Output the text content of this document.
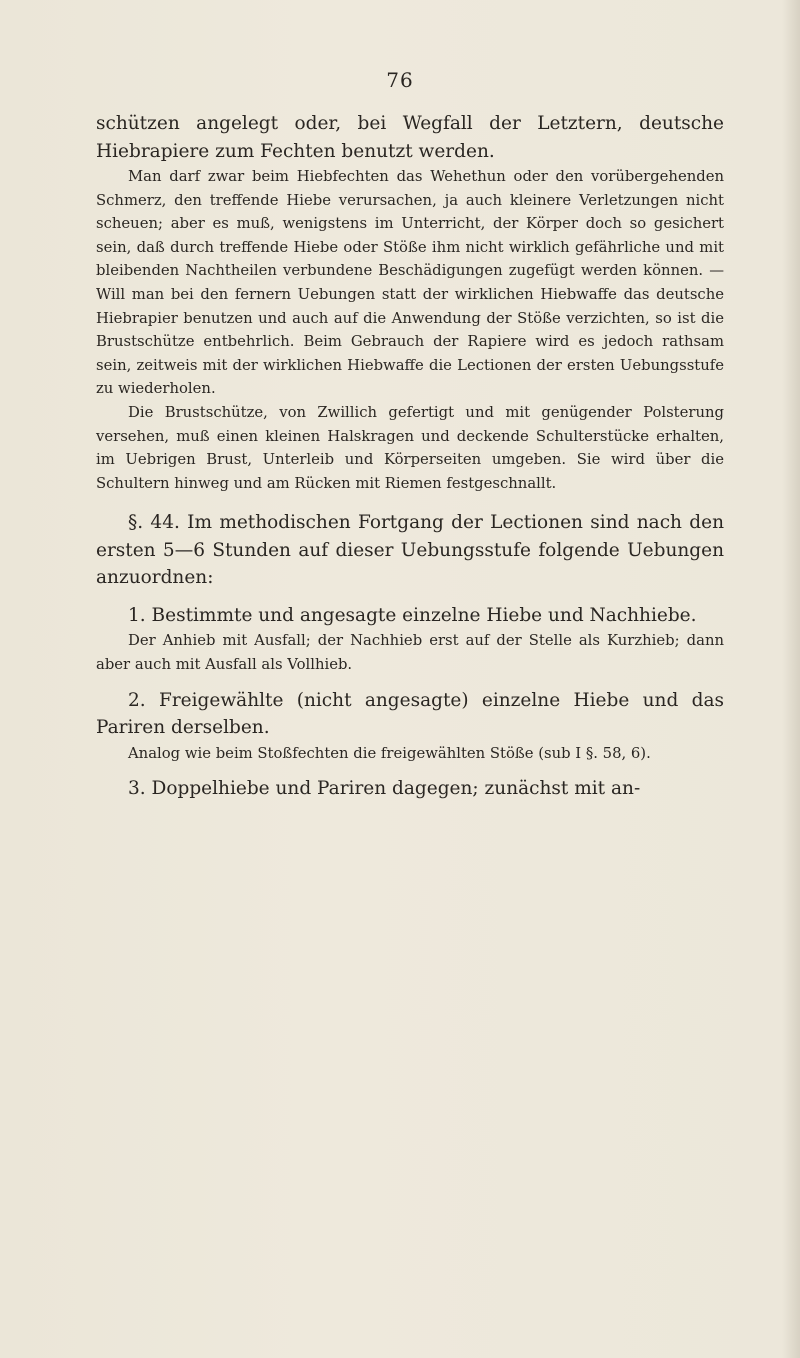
76

schützen angelegt oder, bei Wegfall der Letztern, deutsche Hiebrapiere zum Fechten benutzt werden.

Man darf zwar beim Hiebfechten das Wehethun oder den vorübergehenden Schmerz, den treffende Hiebe verursachen, ja auch kleinere Verletzungen nicht scheuen; aber es muß, wenigstens im Unterricht, der Körper doch so gesichert sein, daß durch treffende Hiebe oder Stöße ihm nicht wirklich gefährliche und mit bleibenden Nachtheilen verbundene Beschädigungen zugefügt werden können. — Will man bei den fernern Uebungen statt der wirklichen Hiebwaffe das deutsche Hiebrapier benutzen und auch auf die Anwendung der Stöße verzichten, so ist die Brustschütze entbehrlich. Beim Gebrauch der Rapiere wird es jedoch rathsam sein, zeitweis mit der wirklichen Hiebwaffe die Lectionen der ersten Uebungsstufe zu wiederholen.

Die Brustschütze, von Zwillich gefertigt und mit genügender Polsterung versehen, muß einen kleinen Halskragen und deckende Schulterstücke erhalten, im Uebrigen Brust, Unterleib und Körperseiten umgeben. Sie wird über die Schultern hinweg und am Rücken mit Riemen festgeschnallt.

§. 44. Im methodischen Fortgang der Lectionen sind nach den ersten 5—6 Stunden auf dieser Uebungsstufe folgende Uebungen anzuordnen:

1. Bestimmte und angesagte einzelne Hiebe und Nachhiebe.

Der Anhieb mit Ausfall; der Nachhieb erst auf der Stelle als Kurzhieb; dann aber auch mit Ausfall als Vollhieb.

2. Freigewählte (nicht angesagte) einzelne Hiebe und das Pariren derselben.

Analog wie beim Stoßfechten die freigewählten Stöße (sub I §. 58, 6).

3. Doppelhiebe und Pariren dagegen; zunächst mit an-
